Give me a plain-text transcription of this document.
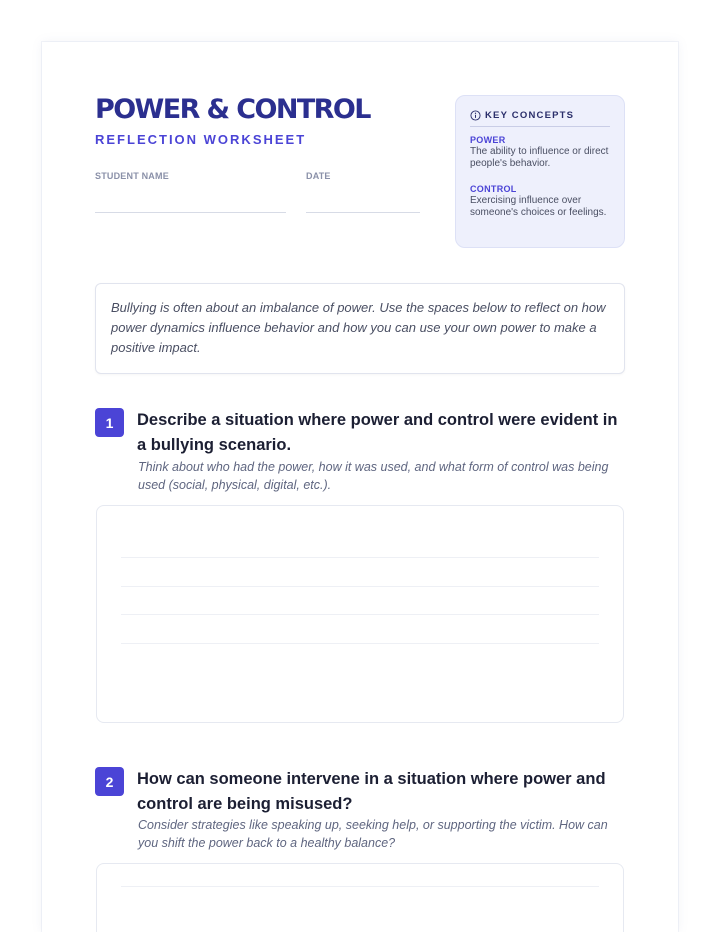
POWER & CONTROL
REFLECTION WORKSHEET
STUDENT NAME	DATE
KEY CONCEPTS
POWER
The ability to influence or direct people's behavior.
CONTROL
Exercising influence over someone's choices or feelings.
Bullying is often about an imbalance of power. Use the spaces below to reflect on how power dynamics influence behavior and how you can use your own power to make a positive impact.
1	Describe a situation where power and control were evident in a bullying scenario.
Think about who had the power, how it was used, and what form of control was being used (social, physical, digital, etc.).
2	How can someone intervene in a situation where power and control are being misused?
Consider strategies like speaking up, seeking help, or supporting the victim. How can you shift the power back to a healthy balance?
